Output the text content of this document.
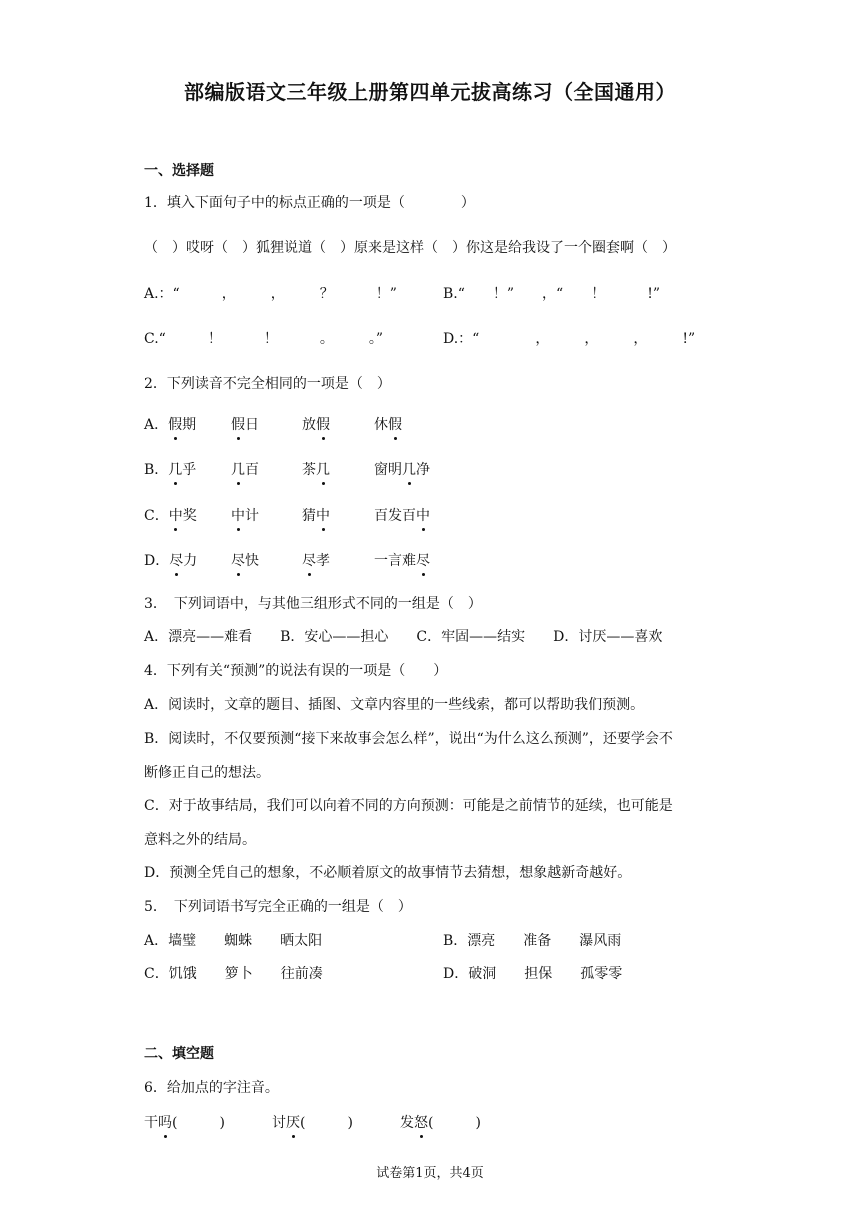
部编版语文三年级上册第四单元拔高练习（全国通用）
一、选择题
1．填入下面句子中的标点正确的一项是（　　　　）
（　）哎呀（　）狐狸说道（　）原来是这样（　）你这是给我设了一个圈套啊（　）
A.：“　　　，　　　，　　　？　　　！”	B.“　　！”　　，“　　！　　　!”
C.“　　　！　　　！　　　。　　　。”	D.：“　　　　，　　　，　　　，　　　!”
2．下列读音不完全相同的一项是（　）
A．假期 假日	放假	休假
B．几乎 几百	茶几	窗明几净
C．中奖 中计	猜中	百发百中
D．尽力 尽快	尽孝	一言难尽
3．　下列词语中，与其他三组形式不同的一组是（　）
A．漂亮——难看　　B．安心——担心　　C．牢固——结实　　D．讨厌——喜欢
4．下列有关“预测”的说法有误的一项是（　　）
A．阅读时，文章的题目、插图、文章内容里的一些线索，都可以帮助我们预测。
B．阅读时，不仅要预测“接下来故事会怎么样”，说出“为什么这么预测”，还要学会不
断修正自己的想法。
C．对于故事结局，我们可以向着不同的方向预测：可能是之前情节的延续，也可能是
意料之外的结局。
D．预测全凭自己的想象，不必顺着原文的故事情节去猜想，想象越新奇越好。
5．　下列词语书写完全正确的一组是（　）
A．墙璧　　蜘蛛　　晒太阳	B．漂亮　　准备　　瀑风雨
C．饥饿　　箩卜　　往前凑	D．破洞　　担保　　孤零零
二、填空题
6．给加点的字注音。
干吗(　　　)	讨厌(　　　)	发怒(　　　)
试卷第1页，共4页
